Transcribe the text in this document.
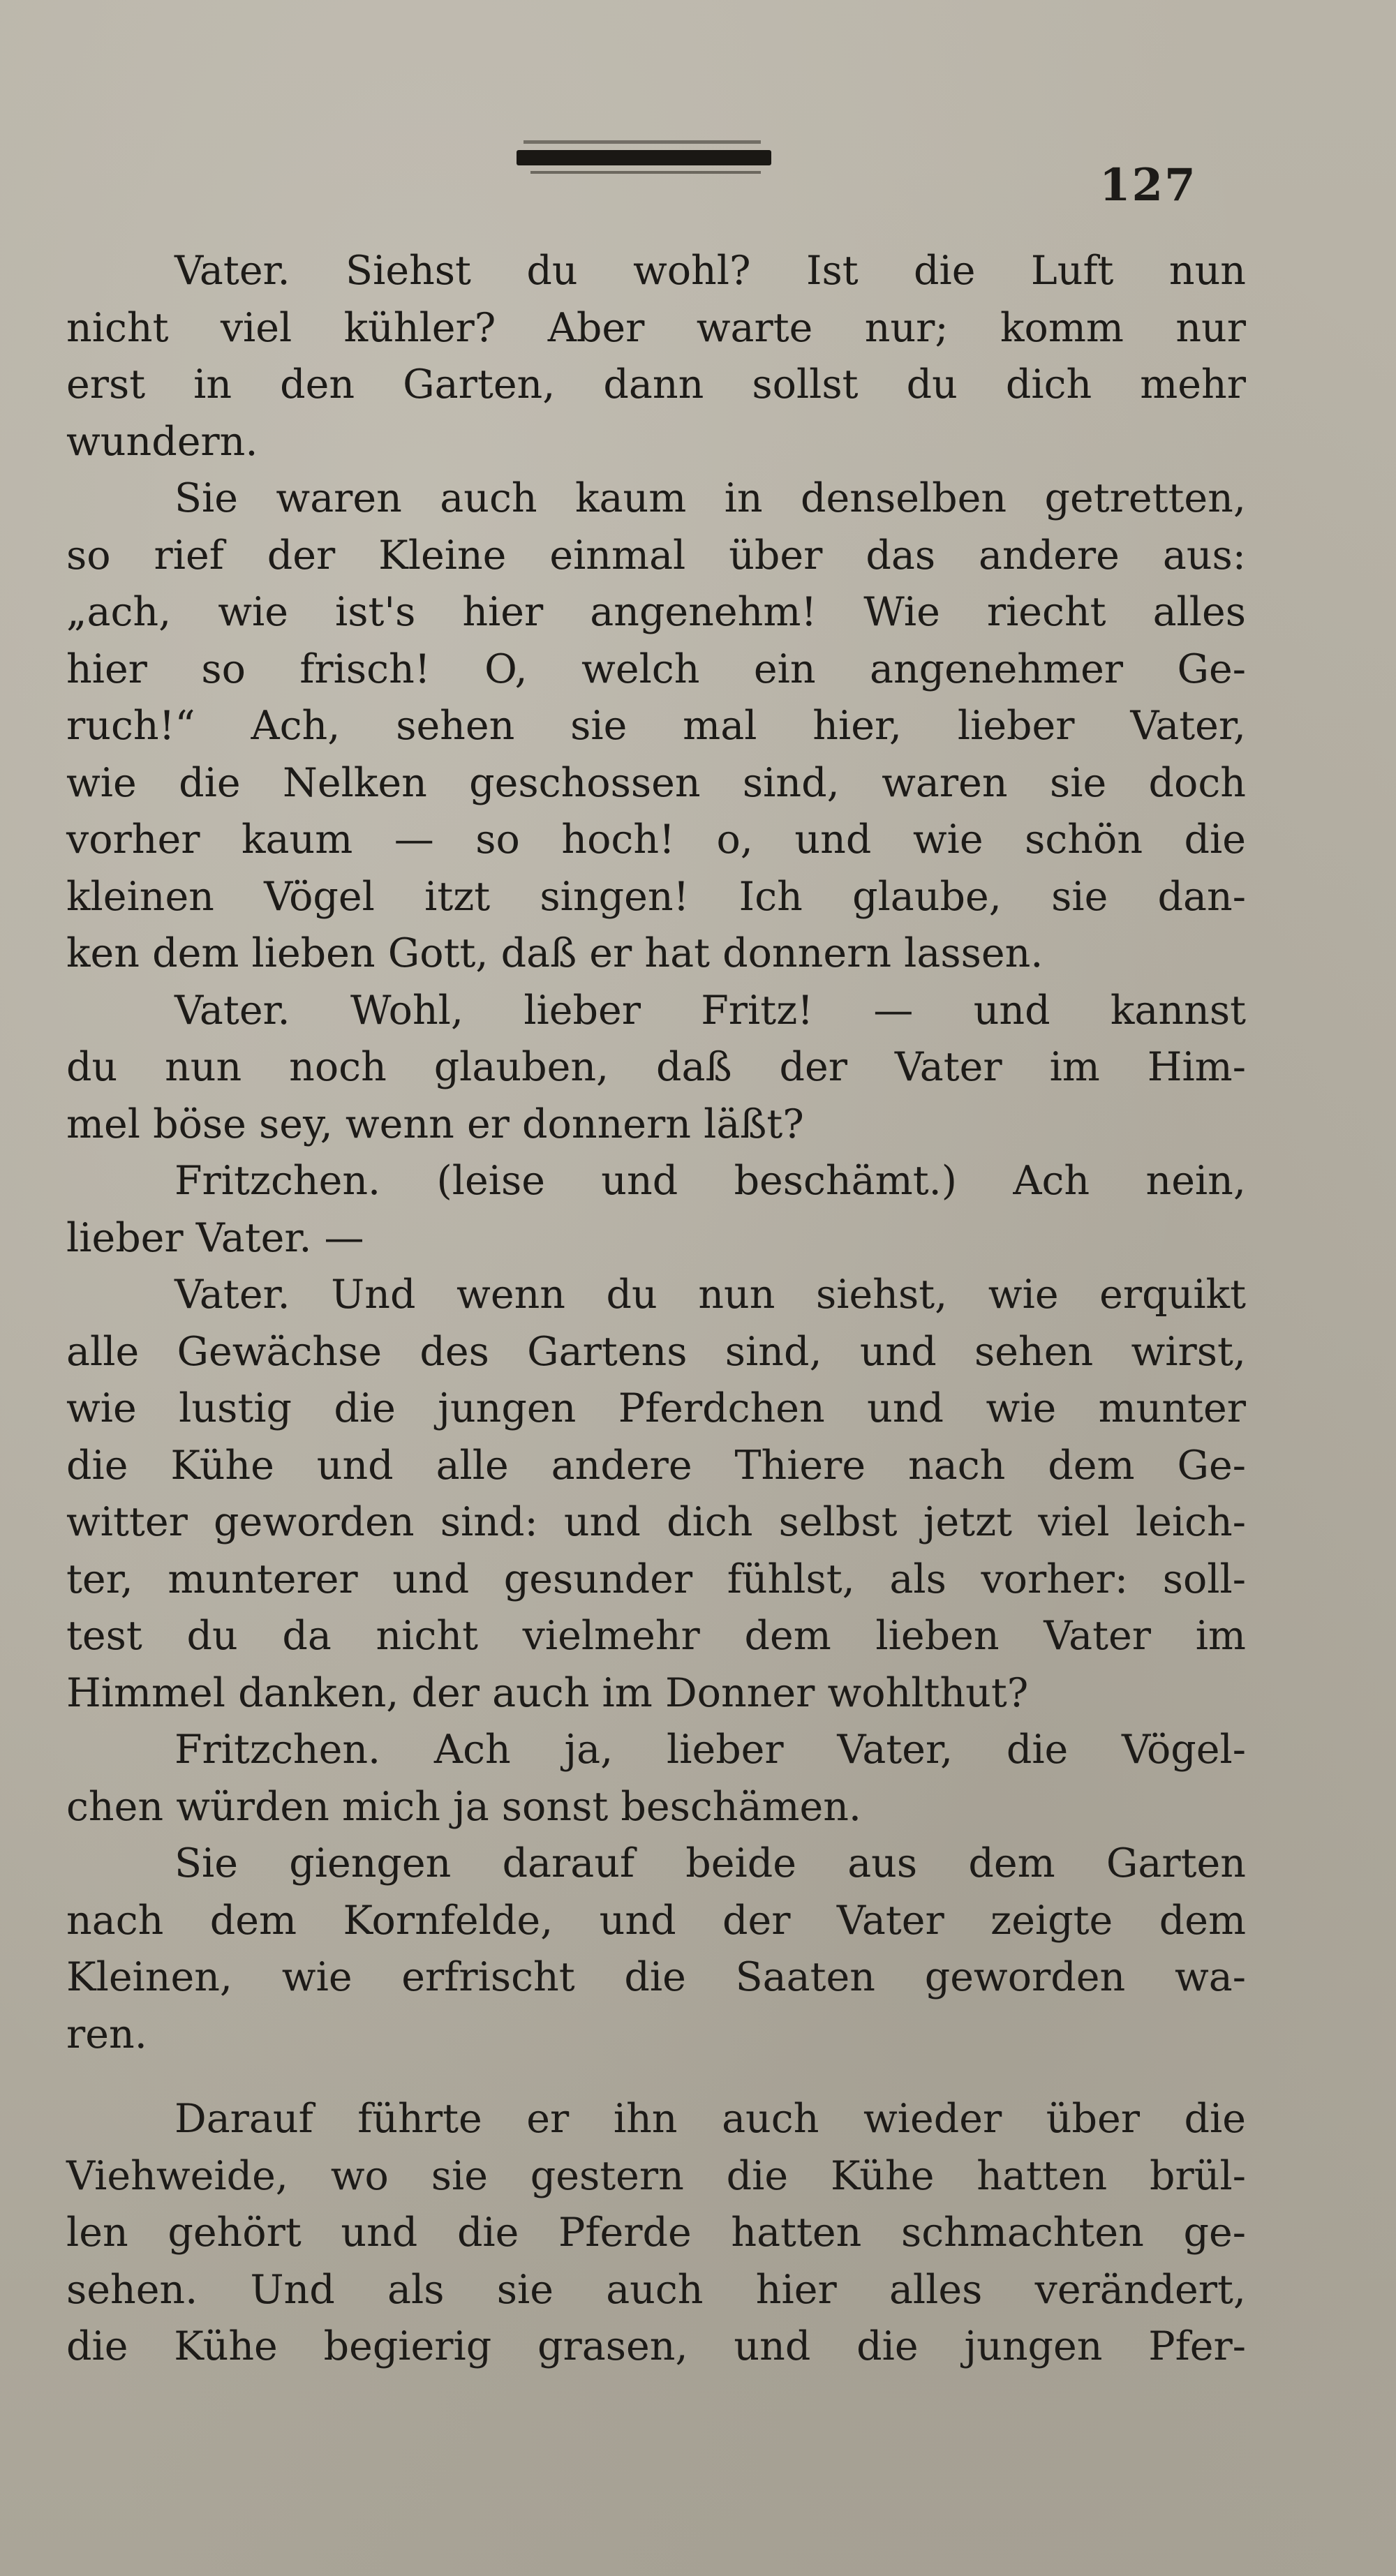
127
Vater. Siehst du wohl? Ist die Luft nun
nicht viel kühler? Aber warte nur; komm nur
erst in den Garten, dann sollst du dich mehr
wundern.
Sie waren auch kaum in denselben getretten,
so rief der Kleine einmal über das andere aus:
„ach, wie ist's hier angenehm! Wie riecht alles
hier so frisch! O, welch ein angenehmer Ge-
ruch!“ Ach, sehen sie mal hier, lieber Vater,
wie die Nelken geschossen sind, waren sie doch
vorher kaum — so hoch! o, und wie schön die
kleinen Vögel itzt singen! Ich glaube, sie dan-
ken dem lieben Gott, daß er hat donnern lassen.
Vater. Wohl, lieber Fritz! — und kannst
du nun noch glauben, daß der Vater im Him-
mel böse sey, wenn er donnern läßt?
Fritzchen. (leise und beschämt.) Ach nein,
lieber Vater. —
Vater. Und wenn du nun siehst, wie erquikt
alle Gewächse des Gartens sind, und sehen wirst,
wie lustig die jungen Pferdchen und wie munter
die Kühe und alle andere Thiere nach dem Ge-
witter geworden sind: und dich selbst jetzt viel leich-
ter, munterer und gesunder fühlst, als vorher: soll-
test du da nicht vielmehr dem lieben Vater im
Himmel danken, der auch im Donner wohlthut?
Fritzchen. Ach ja, lieber Vater, die Vögel-
chen würden mich ja sonst beschämen.
Sie giengen darauf beide aus dem Garten
nach dem Kornfelde, und der Vater zeigte dem
Kleinen, wie erfrischt die Saaten geworden wa-
ren.
Darauf führte er ihn auch wieder über die
Viehweide, wo sie gestern die Kühe hatten brül-
len gehört und die Pferde hatten schmachten ge-
sehen. Und als sie auch hier alles verändert,
die Kühe begierig grasen, und die jungen Pfer-
